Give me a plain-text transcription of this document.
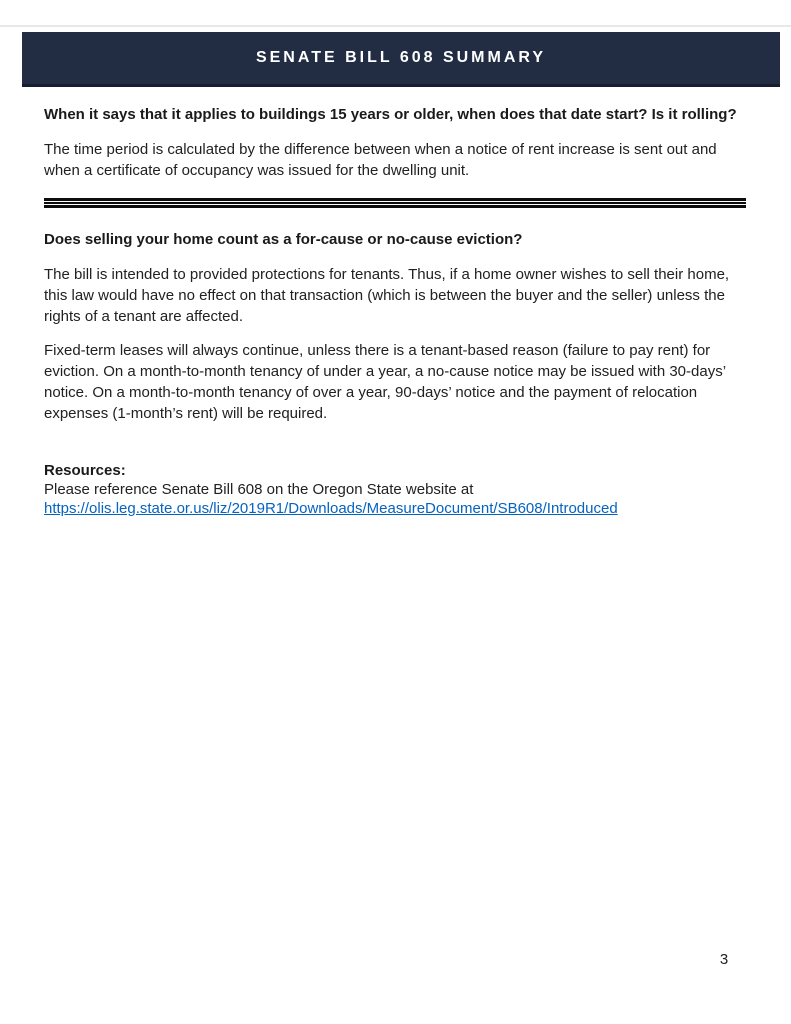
SENATE BILL 608 SUMMARY
When it says that it applies to buildings 15 years or older, when does that date start? Is it rolling?

The time period is calculated by the difference between when a notice of rent increase is sent out and when a certificate of occupancy was issued for the dwelling unit.

Does selling your home count as a for-cause or no-cause eviction?

The bill is intended to provided protections for tenants. Thus, if a home owner wishes to sell their home, this law would have no effect on that transaction (which is between the buyer and the seller) unless the rights of a tenant are affected.

Fixed-term leases will always continue, unless there is a tenant-based reason (failure to pay rent) for eviction. On a month-to-month tenancy of under a year, a no-cause notice may be issued with 30-days’ notice. On a month-to-month tenancy of over a year, 90-days’ notice and the payment of relocation expenses (1-month’s rent) will be required.

Resources:

Please reference Senate Bill 608 on the Oregon State website at

https://olis.leg.state.or.us/liz/2019R1/Downloads/MeasureDocument/SB608/Introduced
3
